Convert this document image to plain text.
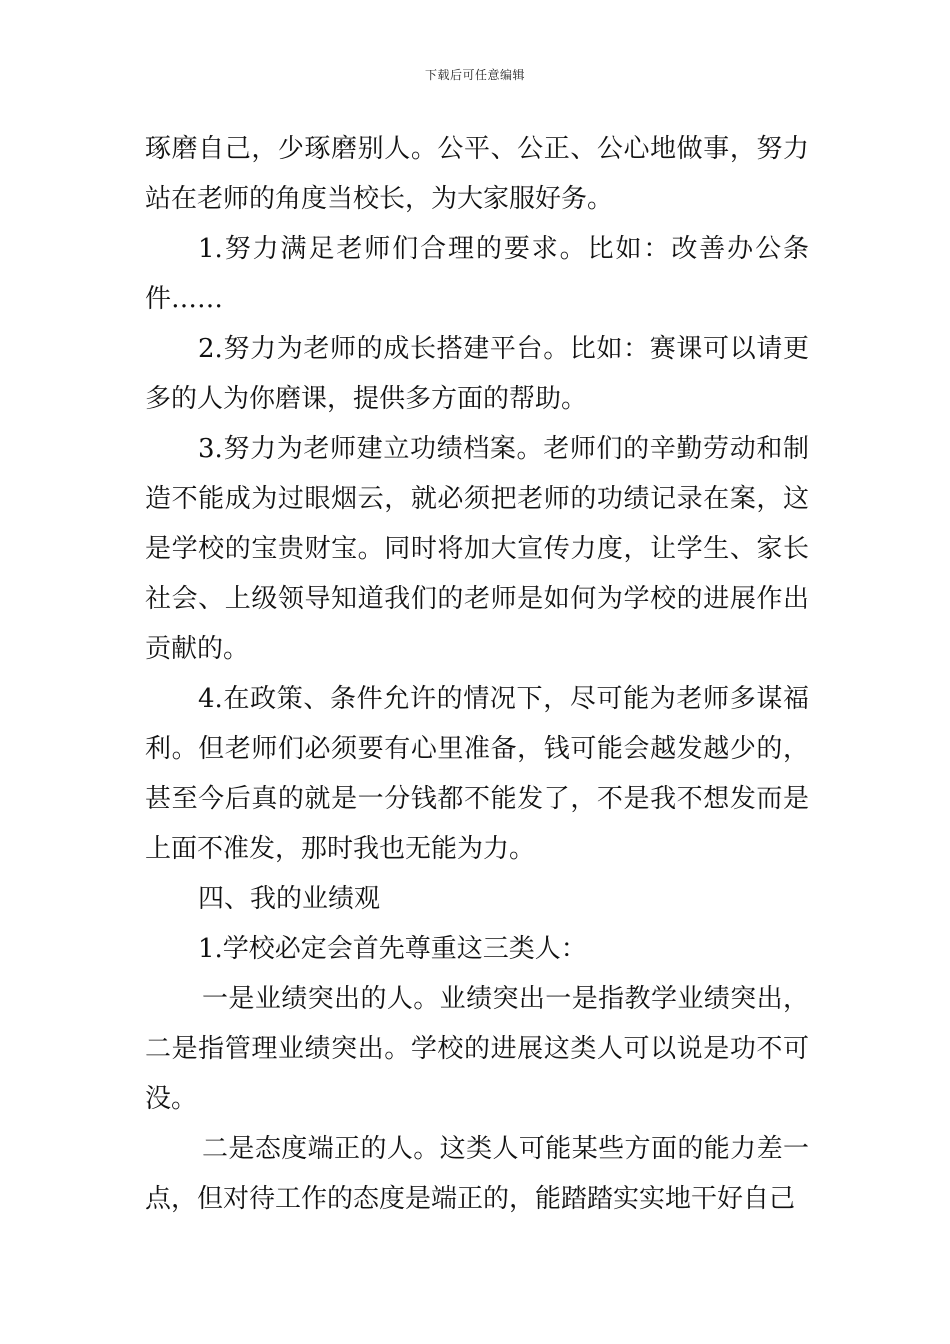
下载后可任意编辑

琢磨自己，少琢磨别人。公平、公正、公心地做事，努力站在老师的角度当校长，为大家服好务。

1.努力满足老师们合理的要求。比如：改善办公条件……

2.努力为老师的成长搭建平台。比如：赛课可以请更多的人为你磨课，提供多方面的帮助。

3.努力为老师建立功绩档案。老师们的辛勤劳动和制造不能成为过眼烟云，就必须把老师的功绩记录在案，这是学校的宝贵财宝。同时将加大宣传力度，让学生、家长社会、上级领导知道我们的老师是如何为学校的进展作出贡献的。

4.在政策、条件允许的情况下，尽可能为老师多谋福利。但老师们必须要有心里准备，钱可能会越发越少的，甚至今后真的就是一分钱都不能发了，不是我不想发而是上面不准发，那时我也无能为力。

四、我的业绩观

1.学校必定会首先尊重这三类人：

一是业绩突出的人。业绩突出一是指教学业绩突出，二是指管理业绩突出。学校的进展这类人可以说是功不可没。

二是态度端正的人。这类人可能某些方面的能力差一点，但对待工作的态度是端正的，能踏踏实实地干好自己
